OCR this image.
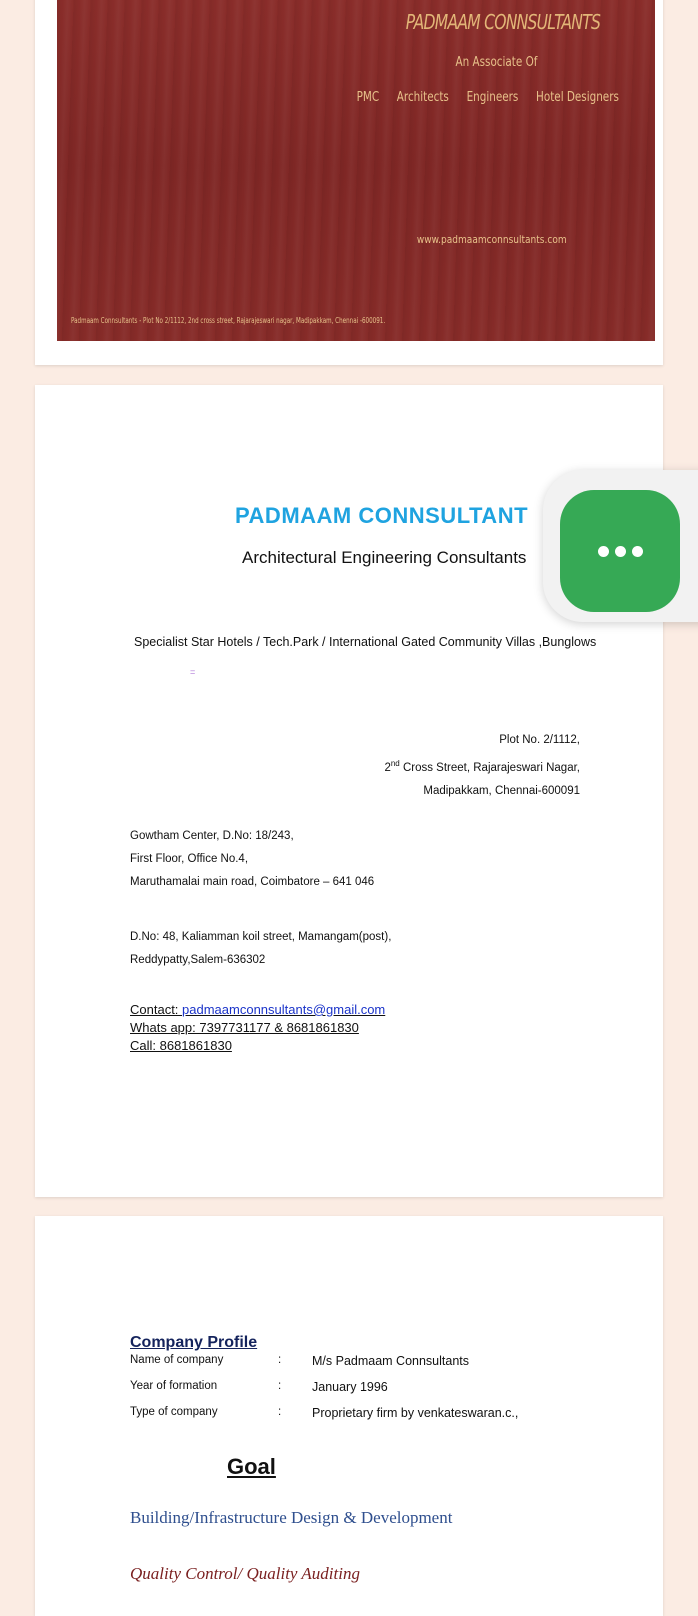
PADMAAM CONNSULTANTS
An Associate Of
PMC Architects Engineers Hotel Designers
www.padmaamconnsultants.com
Padmaam Connsultants - Plot No 2/1112, 2nd cross street, Rajarajeswari nagar, Madipakkam, Chennai -600091.
PADMAAM CONNSULTANT
Architectural Engineering Consultants
Specialist Star Hotels / Tech.Park / International Gated Community Villas ,Bunglows
=
Plot No. 2/1112,
2nd Cross Street, Rajarajeswari Nagar,
Madipakkam, Chennai-600091
Gowtham Center, D.No: 18/243,
First Floor, Office No.4,
Maruthamalai main road, Coimbatore – 641 046
D.No: 48, Kaliamman koil street, Mamangam(post),
Reddypatty,Salem-636302
Contact: padmaamconnsultants@gmail.com
Whats app: 7397731177 & 8681861830
Call: 8681861830
Company Profile
Name of company	: M/s Padmaam Connsultants
Year of formation	: January 1996
Type of company	: Proprietary firm by venkateswaran.c.,
Goal
Building/Infrastructure Design & Development
Quality Control/ Quality Auditing
